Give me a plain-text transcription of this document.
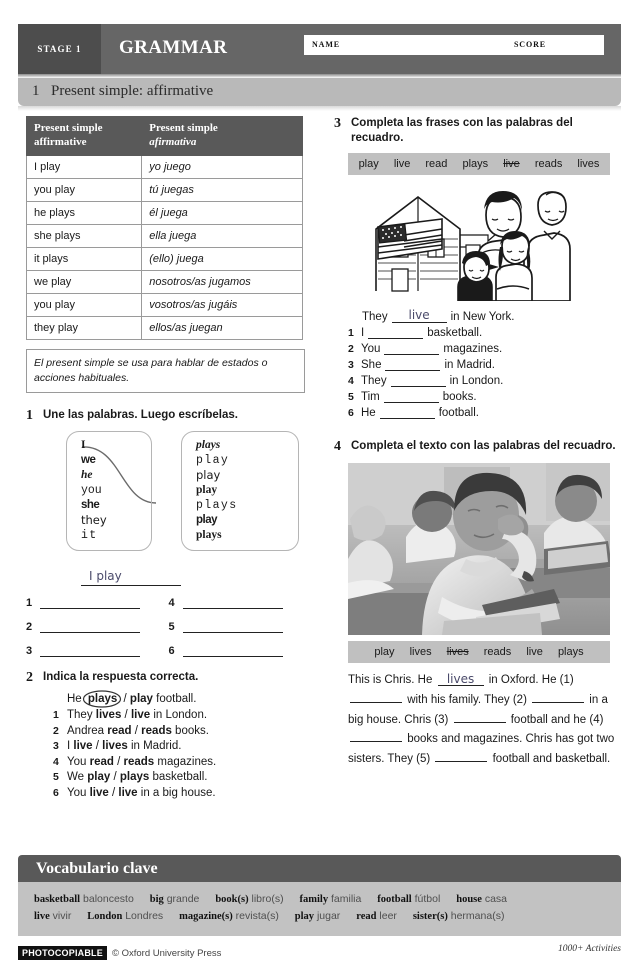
STAGE 1 GRAMMAR	NAME	SCORE
1 Present simple: affirmative
Present simple
affirmative	Present simple
afirmativa

I play	yo juego
you play	tú juegas
he plays	él juega
she plays	ella juega
it plays	(ello) juega
we play	nosotros/as jugamos
you play	vosotros/as jugáis
they play	ellos/as juegan
El present simple se usa para hablar de estados o acciones habituales.
1 Une las palabras. Luego escríbelas.
I
we
he
you
she
they
it
plays
play
play
play
plays
play
plays
I play
1	4
2	5
3	6
2 Indica la respuesta correcta.
He
plays / play football.
1 They lives / live in London.
2 Andrea read / reads books.
3 I live / lives in Madrid.
4 You read / reads magazines.
5 We play / plays basketball.
6 You live / live in a big house.
3 Completa las frases con las palabras del recuadro.
play live read plays live reads lives
They	live	in New York.
1 I	basketball.
2 You	magazines.
3 She	in Madrid.
4 They	in London.
5 Tim	books.
6 He	football.
4 Completa el texto con las palabras del recuadro.
play lives lives reads live plays
This is Chris. He lives in Oxford. He (1)  with his family. They (2)	in a big house. Chris (3)	football and he (4)  books and magazines. Chris has got two sisters. They (5)	football and basketball.
Vocabulario clave
basketball baloncesto big grande book(s) libro(s) family familia football fútbol house casa
live vivir London Londres magazine(s) revista(s) play jugar read leer sister(s) hermana(s)
PHOTOCOPIABLE © Oxford University Press	1000+ Activities
